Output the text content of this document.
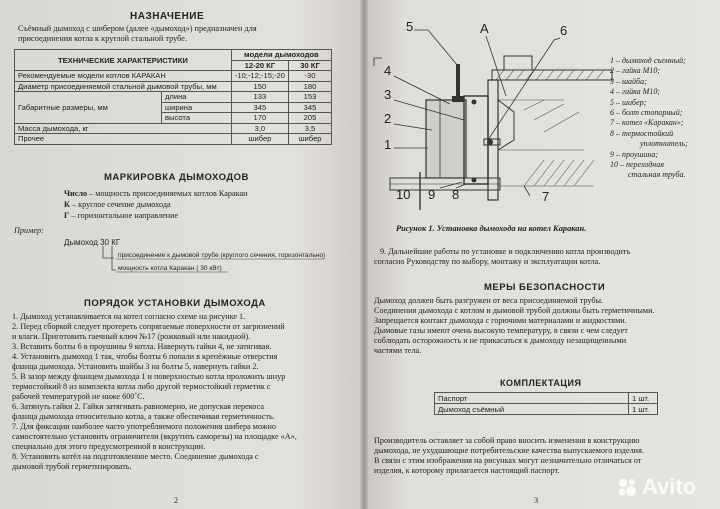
НАЗНАЧЕНИЕ
Съёмный дымоход с шибером (далее «дымоход») предназначен для
присоединения котла к круглой стальной трубе.
ТЕХНИЧЕСКИЕ ХАРАКТЕРИСТИКИ		модели дымоходов	
		12-20 КГ	30 КГ
Рекомендуемые модели котлов КАРАКАН		-10;-12;-15;-20	-30
Диаметр присоединяемой стальной дымовой трубы, мм		150	180
Габаритные размеры, мм	длина	133	153
	ширина	345	345
	высота	170	205
Масса дымохода, кг		3,0	3,5
Прочее		шибер	шибер
МАРКИРОВКА ДЫМОХОДОВ
Число – мощность присоединяемых котлов Каракан
К – круглое сечение дымохода
Г – горизонтальное направление
Пример:
Дымоход 30 КГ
присоединение к дымовой трубе (круглого сечения, горизонтально)
мощность котла Каракан ( 30 кВт)
ПОРЯДОК УСТАНОВКИ ДЫМОХОДА
1. Дымоход устанавливается на котел согласно схеме на рисунке 1.
2. Перед сборкой следует протереть сопрягаемые поверхности от загрязнений
и влаги. Приготовить гаечный ключ №17 (рожковый или накидной).
3. Вставить болты 6 в проушины 9 котла. Навернуть гайки 4, не затягивая.
4. Установить дымоход 1 так, чтобы болты 6 попали в крепёжные отверстия
фланца дымохода. Установить шайбы 3 на болты 5, навернуть гайки 2.
5. В зазор между фланцем дымохода 1 и поверхностью котла проложить шнур
термостойкий 8 из комплекта котла либо другой термостойкий герметик с
рабочей температурой не ниже 600˚С.
6. Затянуть гайки 2. Гайки затягивать равномерно, не допуская перекоса
фланца дымохода относительно котла, а также обеспечивая герметичность.
7. Для фиксации наиболее часто употребляемого положения шибера можно
самостоятельно установить ограничители (вкрутить саморезы) на площадке «А»,
специально для этого предусмотренной в конструкции.
8. Установить котёл на подготовленное место. Соединение дымохода с
дымовой трубой герметизировать.
2
5	А	6
4
3
2
1
10 9 8	7
1 – дымоход съемный;
2 – гайка М10;
3 – шайба;
4 – гайка М10;
5 – шибер;
6 – болт стопорный;
7 – котел «Каракан»;
8 – термостойкий
уплотнитель;
9 – проушина;
10 – переходная
стальная труба.
Рисунок 1. Установка дымохода на котел Каракан.
9. Дальнейшие работы по установке и подключению котла производить
согласно Руководству по выбору, монтажу и эксплуатации котла.
МЕРЫ БЕЗОПАСНОСТИ
Дымоход должен быть разгружен от веса присоединяемой трубы.
Соединения дымохода с котлом и дымовой трубой должны быть герметичными.
Запрещается контакт дымохода с горючими материалами и жидкостями.
Дымовые газы имеют очень высокую температуру, в связи с чем следует
соблюдать осторожность и не прикасаться к дымоходу незащищенными
частями тела.
КОМПЛЕКТАЦИЯ
Паспорт	1 шт.
Дымоход съёмный	1 шт.
Производитель оставляет за собой право вносить изменения в конструкцию
дымохода, не ухудшающие потребительские качества выпускаемого изделия.
В связи с этим изображения на рисунках могут незначительно отличаться от
изделия, к которому прилагается настоящий паспорт.
3
Avito
